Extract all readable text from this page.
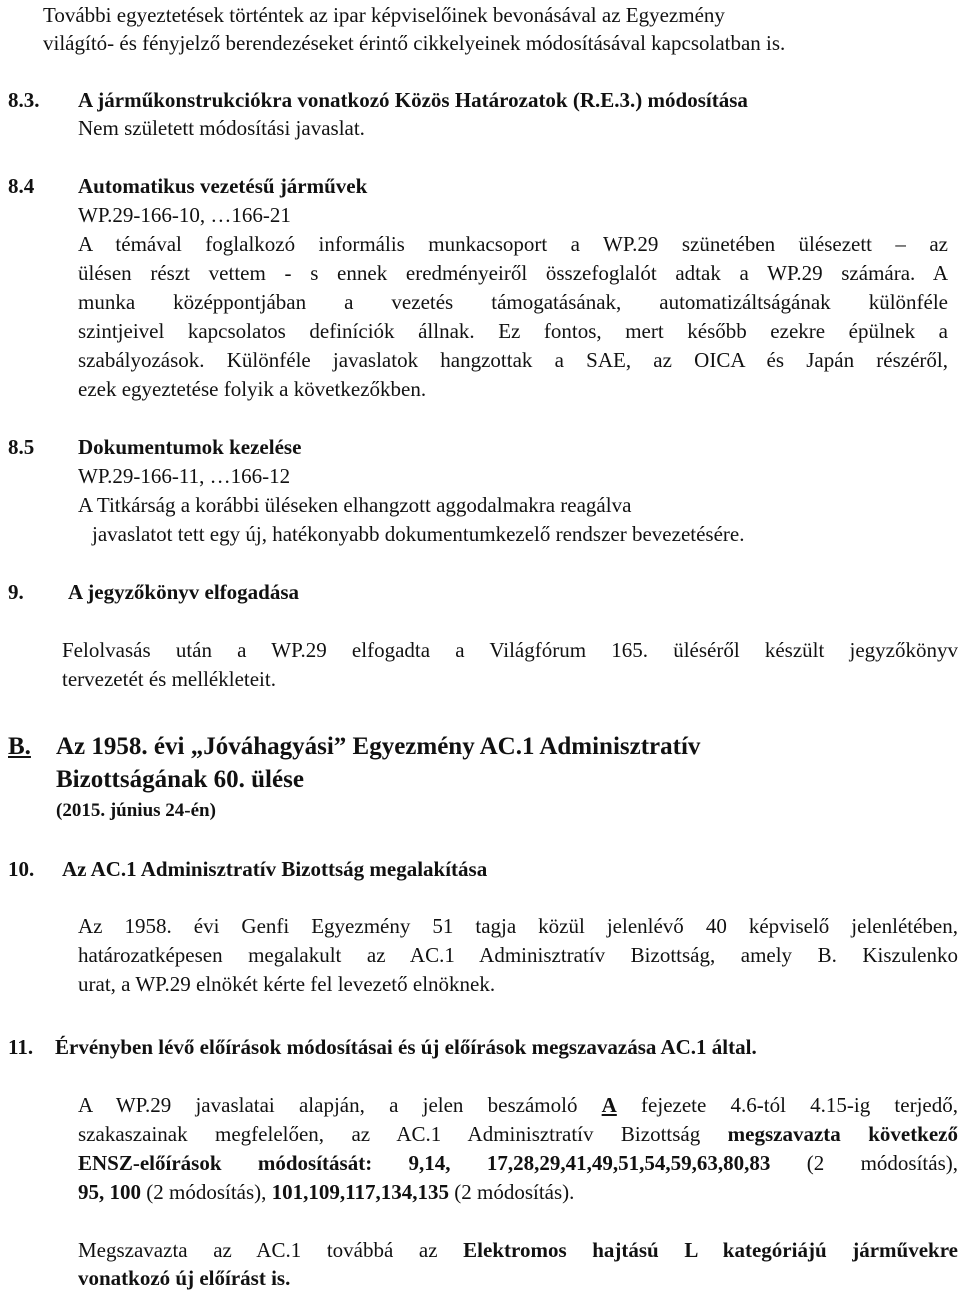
További egyeztetések történtek az ipar képviselőinek bevonásával az Egyezmény
világító- és fényjelző berendezéseket érintő cikkelyeinek módosításával kapcsolatban is.
8.3. A járműkonstrukciókra vonatkozó Közös Határozatok (R.E.3.) módosítása
Nem született módosítási javaslat.
8.4 Automatikus vezetésű járművek
WP.29-166-10, …166-21
A témával foglalkozó informális munkacsoport a WP.29 szünetében ülésezett – az
ülésen részt vettem - s ennek eredményeiről összefoglalót adtak a WP.29 számára. A
munka középpontjában a vezetés támogatásának, automatizáltságának különféle
szintjeivel kapcsolatos definíciók állnak. Ez fontos, mert később ezekre épülnek a
szabályozások. Különféle javaslatok hangzottak a SAE, az OICA és Japán részéről,
ezek egyeztetése folyik a következőkben.
8.5 Dokumentumok kezelése
WP.29-166-11, …166-12
A Titkárság a korábbi üléseken elhangzott aggodalmakra reagálva
javaslatot tett egy új, hatékonyabb dokumentumkezelő rendszer bevezetésére.
9. A jegyzőkönyv elfogadása
Felolvasás után a WP.29 elfogadta a Világfórum 165. üléséről készült jegyzőkönyv
tervezetét és mellékleteit.
B. Az 1958. évi „Jóváhagyási” Egyezmény AC.1 Adminisztratív
Bizottságának 60. ülése
(2015. június 24-én)
10. Az AC.1 Adminisztratív Bizottság megalakítása
Az 1958. évi Genfi Egyezmény 51 tagja közül jelenlévő 40 képviselő jelenlétében,
határozatképesen megalakult az AC.1 Adminisztratív Bizottság, amely B. Kiszulenko
urat, a WP.29 elnökét kérte fel levezető elnöknek.
11. Érvényben lévő előírások módosításai és új előírások megszavazása AC.1 által.
A WP.29 javaslatai alapján, a jelen beszámoló A fejezete 4.6-tól 4.15-ig terjedő,
szakaszainak megfelelően, az AC.1 Adminisztratív Bizottság megszavazta következő
ENSZ-előírások módosítását: 9,14, 17,28,29,41,49,51,54,59,63,80,83 (2 módosítás),
95, 100 (2 módosítás), 101,109,117,134,135 (2 módosítás).
Megszavazta az AC.1 továbbá az Elektromos hajtású L kategóriájú járművekre
vonatkozó új előírást is.
